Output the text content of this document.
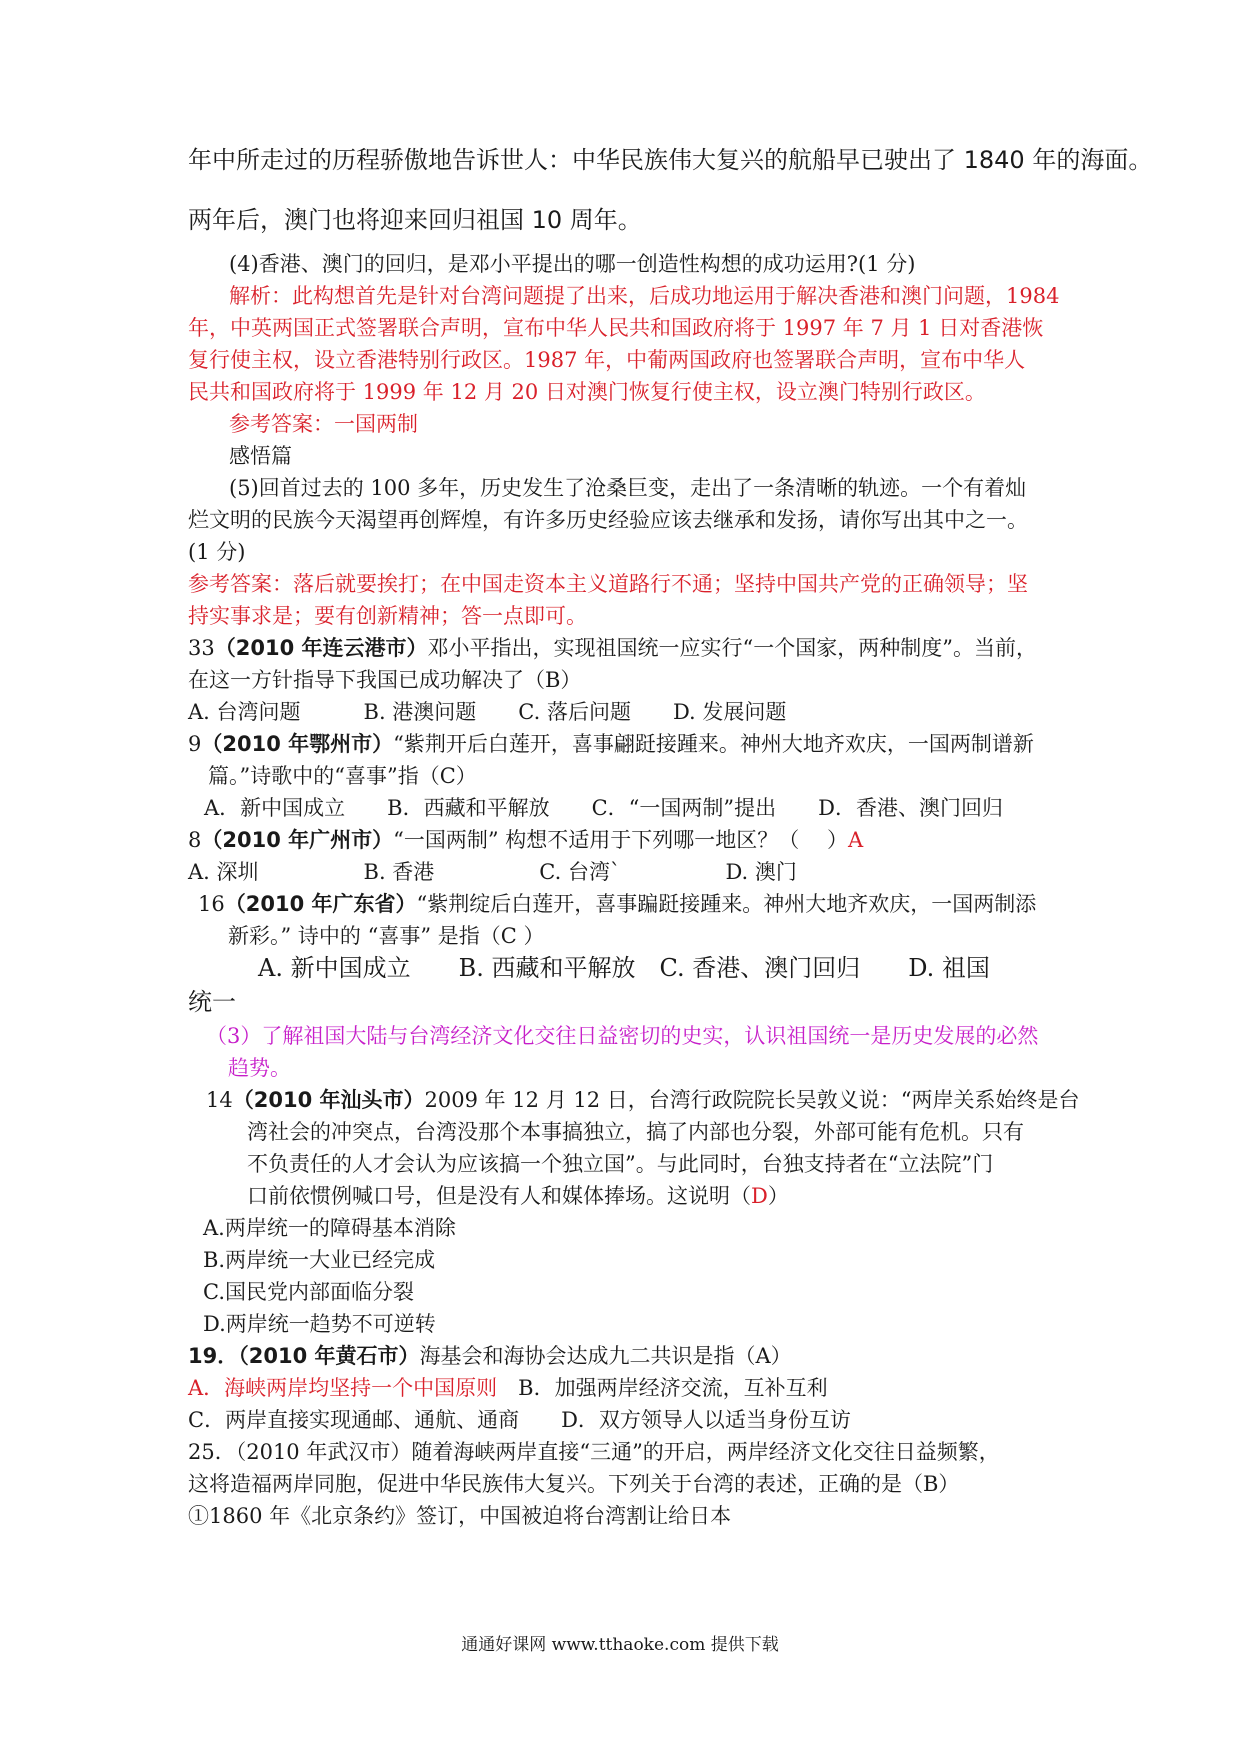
年中所走过的历程骄傲地告诉世人：中华民族伟大复兴的航船早已驶出了 1840 年的海面。
两年后，澳门也将迎来回归祖国 10 周年。
(4)香港、澳门的回归，是邓小平提出的哪一创造性构想的成功运用?(1 分)
解析：此构想首先是针对台湾问题提了出来，后成功地运用于解决香港和澳门问题，1984
年，中英两国正式签署联合声明，宣布中华人民共和国政府将于 1997 年 7 月 1 日对香港恢
复行使主权，设立香港特别行政区。1987 年，中葡两国政府也签署联合声明，宣布中华人
民共和国政府将于 1999 年 12 月 20 日对澳门恢复行使主权，设立澳门特别行政区。
参考答案：一国两制
感悟篇
(5)回首过去的 100 多年，历史发生了沧桑巨变，走出了一条清晰的轨迹。一个有着灿
烂文明的民族今天渴望再创辉煌，有许多历史经验应该去继承和发扬，请你写出其中之一。
(1 分)
参考答案：落后就要挨打；在中国走资本主义道路行不通；坚持中国共产党的正确领导；坚
持实事求是；要有创新精神；答一点即可。
33（2010 年连云港市）邓小平指出，实现祖国统一应实行“一个国家，两种制度”。当前，
在这一方针指导下我国已成功解决了（B）
A. 台湾问题　　　B. 港澳问题　　C. 落后问题　　D. 发展问题
9（2010 年鄂州市）“紫荆开后白莲开，喜事翩跹接踵来。神州大地齐欢庆，一国两制谱新
篇。”诗歌中的“喜事”指（C）
A．新中国成立　　B．西藏和平解放　　C．“一国两制”提出　　D．香港、澳门回归
8（2010 年广州市）“一国两制” 构想不适用于下列哪一地区？（　 ）A
A. 深圳　　　　　B. 香港　　　　　C. 台湾`　　　　　D. 澳门
16（2010 年广东省）“紫荆绽后白莲开，喜事蹁跹接踵来。神州大地齐欢庆，一国两制添
新彩。” 诗中的 “喜事” 是指（C ）
A. 新中国成立　　B. 西藏和平解放　C. 香港、澳门回归　　D. 祖国
统一
（3）了解祖国大陆与台湾经济文化交往日益密切的史实，认识祖国统一是历史发展的必然
趋势。
14（2010 年汕头市）2009 年 12 月 12 日，台湾行政院院长吴敦义说：“两岸关系始终是台
湾社会的冲突点，台湾没那个本事搞独立，搞了内部也分裂，外部可能有危机。只有
不负责任的人才会认为应该搞一个独立国”。与此同时，台独支持者在“立法院”门
口前依惯例喊口号，但是没有人和媒体捧场。这说明（D）
A.两岸统一的障碍基本消除
B.两岸统一大业已经完成
C.国民党内部面临分裂
D.两岸统一趋势不可逆转
19．（2010 年黄石市）海基会和海协会达成九二共识是指（A）
A．海峡两岸均坚持一个中国原则　B．加强两岸经济交流，互补互利
C．两岸直接实现通邮、通航、通商　　D．双方领导人以适当身份互访
25．（2010 年武汉市）随着海峡两岸直接“三通”的开启，两岸经济文化交往日益频繁，
这将造福两岸同胞，促进中华民族伟大复兴。下列关于台湾的表述，正确的是（B）
①1860 年《北京条约》签订，中国被迫将台湾割让给日本
通通好课网 www.tthaoke.com 提供下载
